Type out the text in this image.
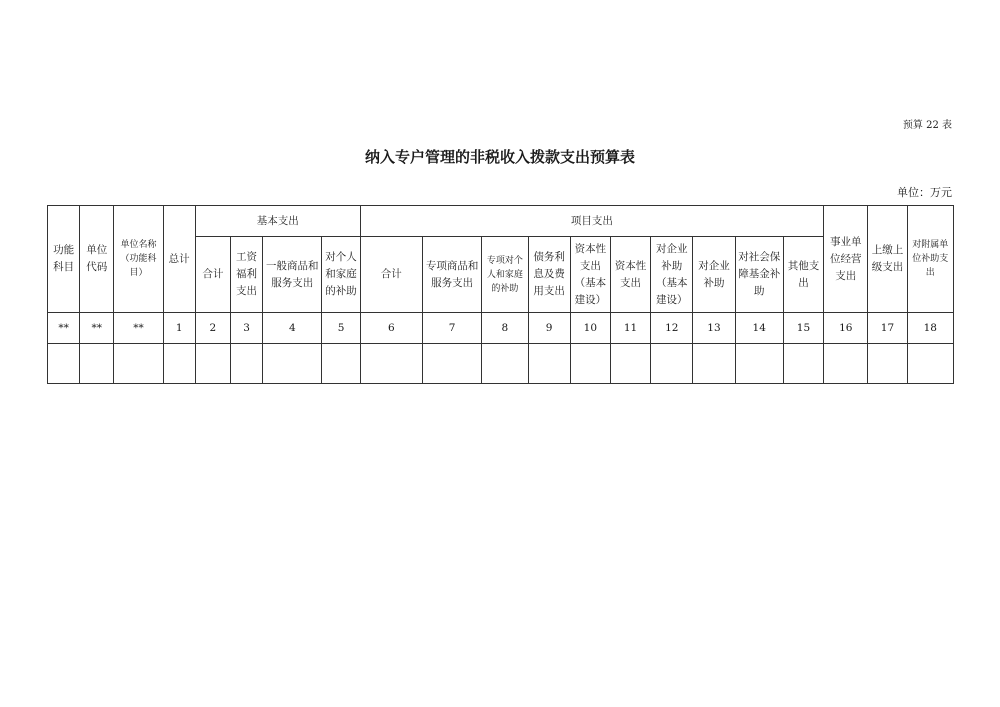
预算 22 表
纳入专户管理的非税收入拨款支出预算表
单位：万元
功能科目	单位代码	单位名称（功能科目）	总计	基本支出				项目支出										事业单位经营支出	上缴上级支出	对附属单位补助支出
				合计	工资福利支出	一般商品和服务支出	对个人和家庭的补助	合计	专项商品和服务支出	专项对个人和家庭的补助	债务利息及费用支出	资本性支出（基本建设）	资本性支出	对企业补助（基本建设）	对企业补助	对社会保障基金补助	其他支出			
**	**	**	1	2	3	4	5	6	7	8	9	10	11	12	13	14	15	16	17	18
